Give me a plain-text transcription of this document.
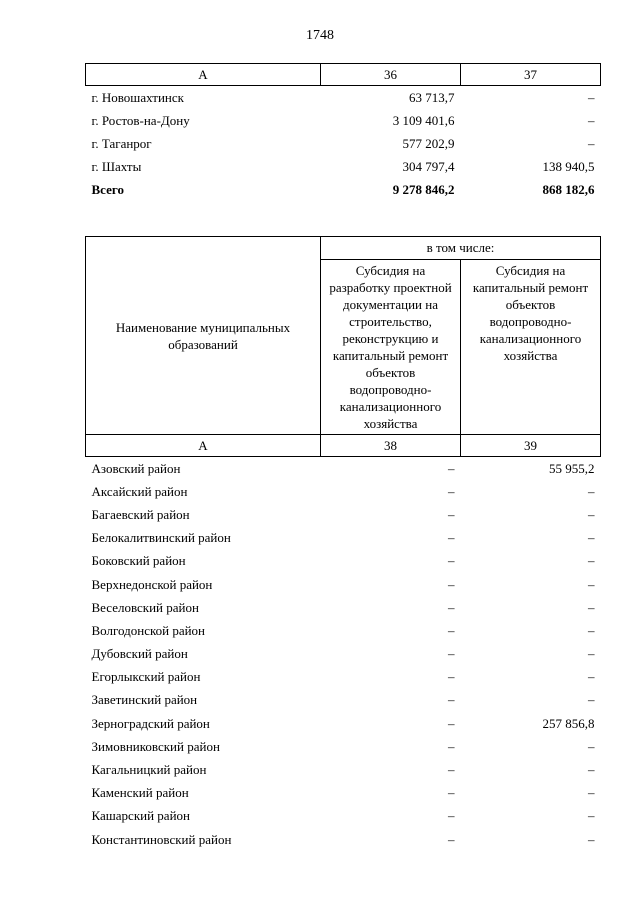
1748
А	36	37
г. Новошахтинск	63 713,7	–
г. Ростов-на-Дону	3 109 401,6	–
г. Таганрог	577 202,9	–
г. Шахты	304 797,4	138 940,5
Всего	9 278 846,2	868 182,6
Наименование муниципальных образований	в том числе:	
	Субсидия на разработку проектной документации на строительство, реконструкцию и капитальный ремонт объектов водопроводно-канализационного хозяйства	Субсидия на капитальный ремонт объектов водопроводно-канализационного хозяйства
А	38	39
Азовский район	–	55 955,2
Аксайский район	–	–
Багаевский район	–	–
Белокалитвинский район	–	–
Боковский район	–	–
Верхнедонской район	–	–
Веселовский район	–	–
Волгодонской район	–	–
Дубовский район	–	–
Егорлыкский район	–	–
Заветинский район	–	–
Зерноградский район	–	257 856,8
Зимовниковский район	–	–
Кагальницкий район	–	–
Каменский район	–	–
Кашарский район	–	–
Константиновский район	–	–
